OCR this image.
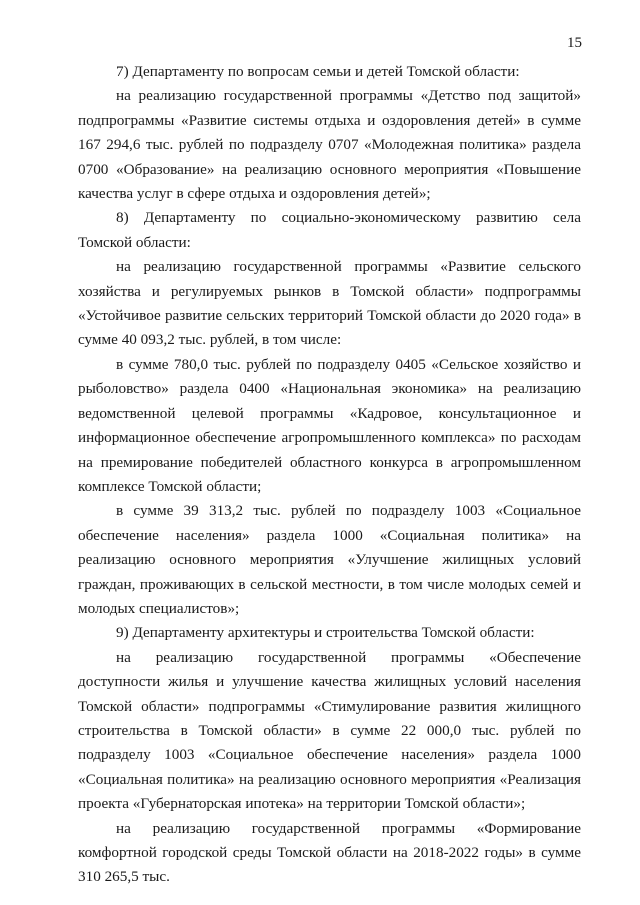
15

7) Департаменту по вопросам семьи и детей Томской области:

на реализацию государственной программы «Детство под защитой» подпрограммы «Развитие системы отдыха и оздоровления детей» в сумме 167 294,6 тыс. рублей по подразделу 0707 «Молодежная политика» раздела 0700 «Образование» на реализацию основного мероприятия «Повышение качества услуг в сфере отдыха и оздоровления детей»;

8) Департаменту по социально-экономическому развитию села Томской области:

на реализацию государственной программы «Развитие сельского хозяйства и регулируемых рынков в Томской области» подпрограммы «Устойчивое развитие сельских территорий Томской области до 2020 года» в сумме 40 093,2 тыс. рублей, в том числе:

в сумме 780,0 тыс. рублей по подразделу 0405 «Сельское хозяйство и рыболовство» раздела 0400 «Национальная экономика» на реализацию ведомственной целевой программы «Кадровое, консультационное и информационное обеспечение агропромышленного комплекса» по расходам на премирование победителей областного конкурса в агропромышленном комплексе Томской области;

в сумме 39 313,2 тыс. рублей по подразделу 1003 «Социальное обеспечение населения» раздела 1000 «Социальная политика» на реализацию основного мероприятия «Улучшение жилищных условий граждан, проживающих в сельской местности, в том числе молодых семей и молодых специалистов»;

9) Департаменту архитектуры и строительства Томской области:

на реализацию государственной программы «Обеспечение доступности жилья и улучшение качества жилищных условий населения Томской области» подпрограммы «Стимулирование развития жилищного строительства в Томской области» в сумме 22 000,0 тыс. рублей по подразделу 1003 «Социальное обеспечение населения» раздела 1000 «Социальная политика» на реализацию основного мероприятия «Реализация проекта «Губернаторская ипотека» на территории Томской области»;

на реализацию государственной программы «Формирование комфортной городской среды Томской области на 2018-2022 годы» в сумме 310 265,5 тыс.
